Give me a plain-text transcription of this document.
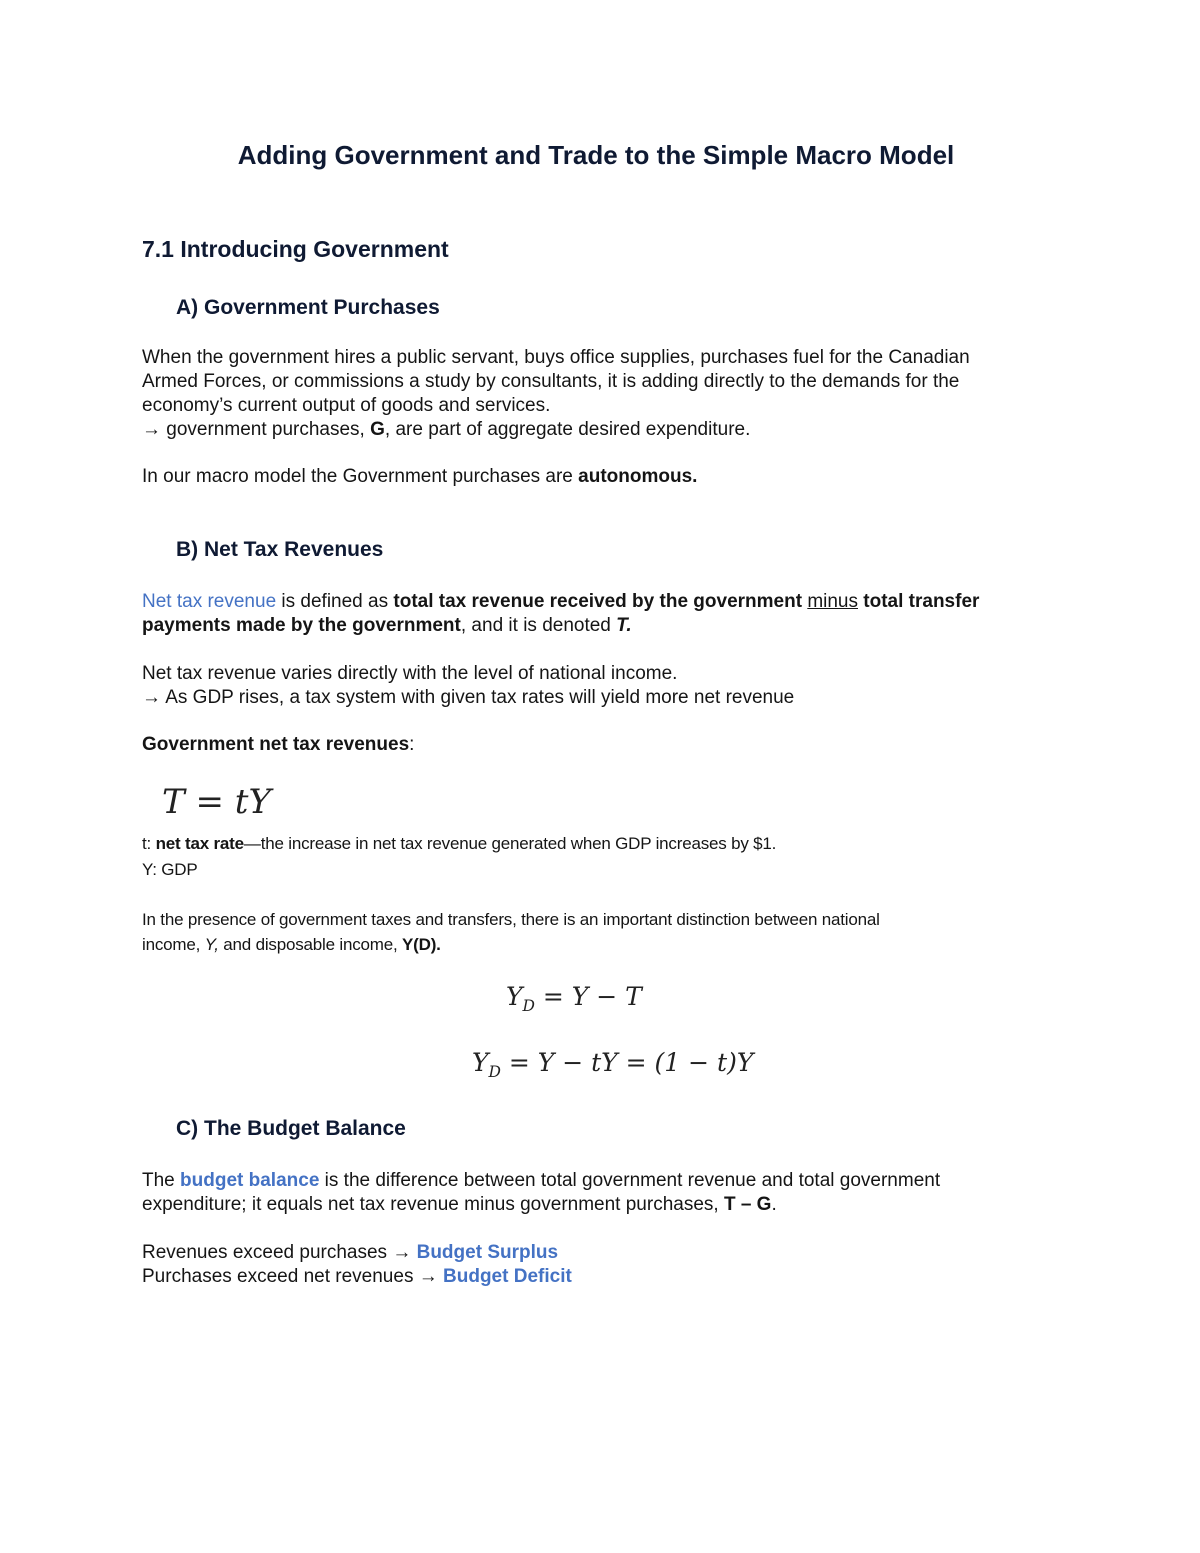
Adding Government and Trade to the Simple Macro Model
7.1 Introducing Government
A) Government Purchases
When the government hires a public servant, buys office supplies, purchases fuel for the Canadian
Armed Forces, or commissions a study by consultants, it is adding directly to the demands for the
economy’s current output of goods and services.
→ government purchases, G, are part of aggregate desired expenditure.
In our macro model the Government purchases are autonomous.
B) Net Tax Revenues
Net tax revenue is defined as total tax revenue received by the government minus total transfer
payments made by the government, and it is denoted T.
Net tax revenue varies directly with the level of national income.
→ As GDP rises, a tax system with given tax rates will yield more net revenue
Government net tax revenues:
T = tY
t: net tax rate—the increase in net tax revenue generated when GDP increases by $1.
Y: GDP
In the presence of government taxes and transfers, there is an important distinction between national
income, Y, and disposable income, Y(D).
$Y_D = Y - T$
$Y_D = Y$ − tY = (1 − t)Y
C) The Budget Balance
The budget balance is the difference between total government revenue and total government
expenditure; it equals net tax revenue minus government purchases, T – G.
Revenues exceed purchases → Budget Surplus
Purchases exceed net revenues → Budget Deficit
